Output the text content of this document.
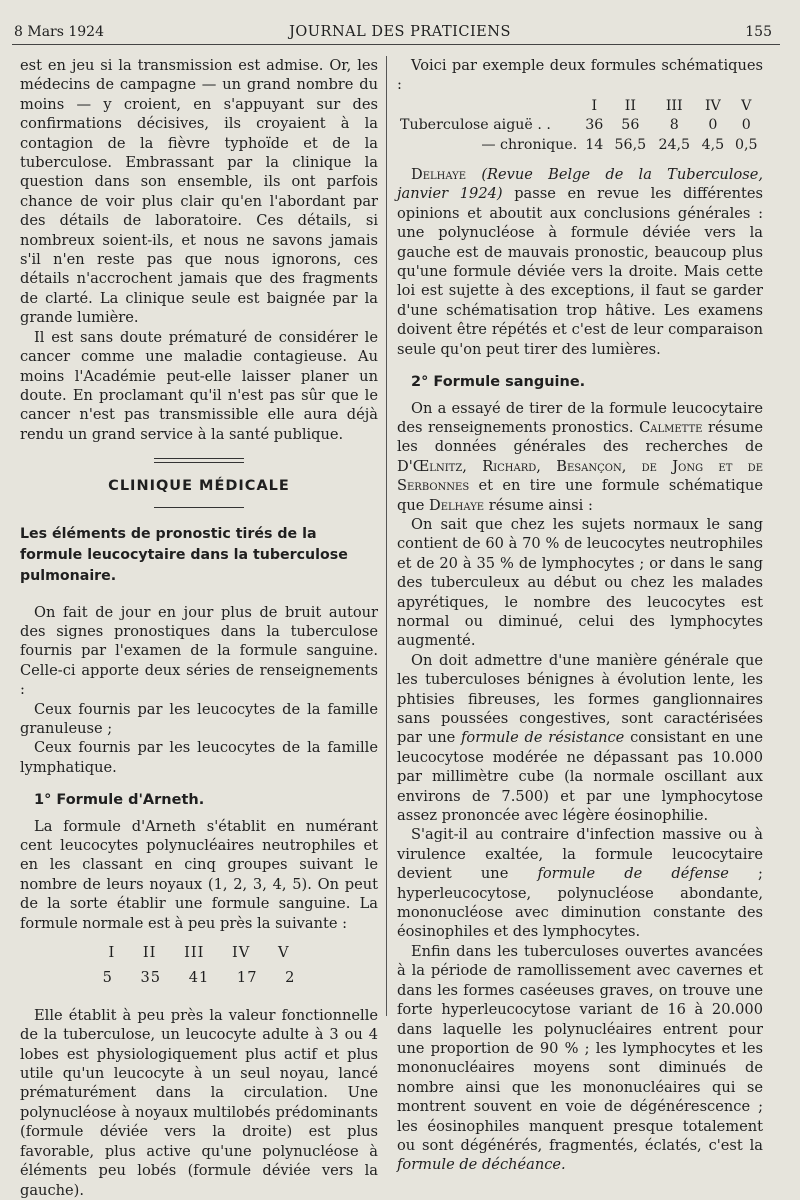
8 Mars 1924	JOURNAL DES PRATICIENS	155

est en jeu si la transmission est admise. Or, les médecins de campagne — un grand nombre du moins — y croient, en s'appuyant sur des confirmations décisives, ils croyaient à la contagion de la fièvre typhoïde et de la tuberculose. Embrassant par la clinique la question dans son ensemble, ils ont parfois chance de voir plus clair qu'en l'abordant par des détails de laboratoire. Ces détails, si nombreux soient-ils, et nous ne savons jamais s'il n'en reste pas que nous ignorons, ces détails n'accrochent jamais que des fragments de clarté. La clinique seule est baignée par la grande lumière.

Il est sans doute prématuré de considérer le cancer comme une maladie contagieuse. Au moins l'Académie peut-elle laisser planer un doute. En proclamant qu'il n'est pas sûr que le cancer n'est pas transmissible elle aura déjà rendu un grand service à la santé publique.

CLINIQUE MÉDICALE
Les éléments de pronostic tirés de la formule leucocytaire dans la tuberculose pulmonaire.

On fait de jour en jour plus de bruit autour des signes pronostiques dans la tuberculose fournis par l'examen de la formule sanguine. Celle-ci apporte deux séries de renseignements :

Ceux fournis par les leucocytes de la famille granuleuse ;

Ceux fournis par les leucocytes de la famille lymphatique.

1° Formule d'Arneth.

La formule d'Arneth s'établit en numérant cent leucocytes polynucléaires neutrophiles et en les classant en cinq groupes suivant le nombre de leurs noyaux (1, 2, 3, 4, 5). On peut de la sorte établir une formule sanguine. La formule normale est à peu près la suivante :

I II III IV V
5 35 41 17 2

Elle établit à peu près la valeur fonctionnelle de la tuberculose, un leucocyte adulte à 3 ou 4 lobes est physiologiquement plus actif et plus utile qu'un leucocyte à un seul noyau, lancé prématurément dans la circulation. Une polynucléose à noyaux multilobés prédominants (formule déviée vers la droite) est plus favorable, plus active qu'une polynucléose à éléments peu lobés (formule déviée vers la gauche).

Voici par exemple deux formules schématiques :

	I	II	III	IV	V
Tuberculose aiguë . .	36	56	8	0	0
— chronique.	14	56,5	24,5	4,5	0,5

Delhaye (Revue Belge de la Tuberculose, janvier 1924) passe en revue les différentes opinions et aboutit aux conclusions générales : une polynucléose à formule déviée vers la gauche est de mauvais pronostic, beaucoup plus qu'une formule déviée vers la droite. Mais cette loi est sujette à des exceptions, il faut se garder d'une schématisation trop hâtive. Les examens doivent être répétés et c'est de leur comparaison seule qu'on peut tirer des lumières.

2° Formule sanguine.

On a essayé de tirer de la formule leucocytaire des renseignements pronostics. Calmette résume les données générales des recherches de D'Œlnitz, Richard, Besançon, de Jong et de Serbonnes et en tire une formule schématique que Delhaye résume ainsi :

On sait que chez les sujets normaux le sang contient de 60 à 70 % de leucocytes neutrophiles et de 20 à 35 % de lymphocytes ; or dans le sang des tuberculeux au début ou chez les malades apyrétiques, le nombre des leucocytes est normal ou diminué, celui des lymphocytes augmenté.

On doit admettre d'une manière générale que les tuberculoses bénignes à évolution lente, les phtisies fibreuses, les formes ganglionnaires sans poussées congestives, sont caractérisées par une formule de résistance consistant en une leucocytose modérée ne dépassant pas 10.000 par millimètre cube (la normale oscillant aux environs de 7.500) et par une lymphocytose assez prononcée avec légère éosinophilie.

S'agit-il au contraire d'infection massive ou à virulence exaltée, la formule leucocytaire devient une formule de défense ; hyperleucocytose, polynucléose abondante, mononucléose avec diminution constante des éosinophiles et des lymphocytes.

Enfin dans les tuberculoses ouvertes avancées à la période de ramollissement avec cavernes et dans les formes caséeuses graves, on trouve une forte hyperleucocytose variant de 16 à 20.000 dans laquelle les polynucléaires entrent pour une proportion de 90 % ; les lymphocytes et les mononucléaires moyens sont diminués de nombre ainsi que les mononucléaires qui se montrent souvent en voie de dégénérescence ; les éosinophiles manquent presque totalement ou sont dégénérés, fragmentés, éclatés, c'est la formule de déchéance.
